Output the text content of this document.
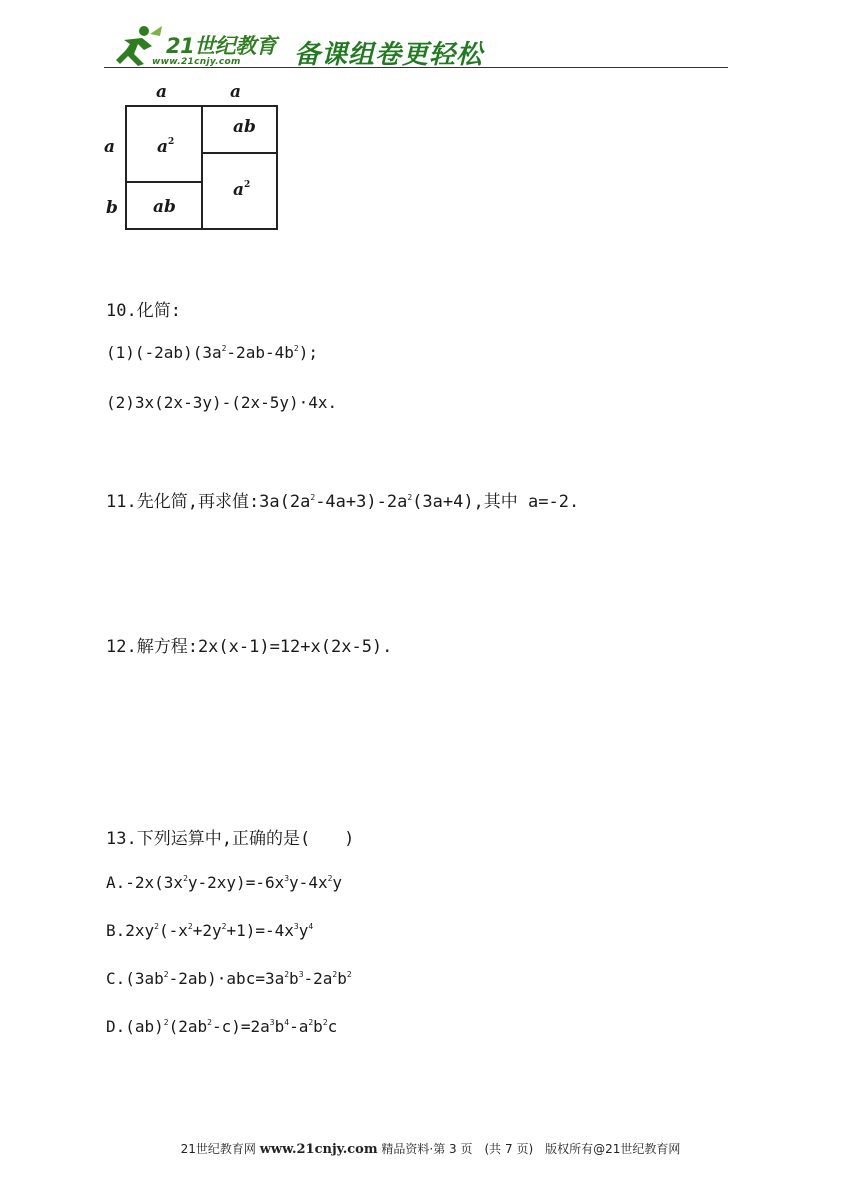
21世纪教育
www.21cnjy.com 备课组卷更轻松
a	a
a
b
$a^2$
ab
ab
$a^2$
10.化简:
$(1)(-2ab)(3a^2-2ab-4b^2)$;
(2)3x(2x-3y)-(2x-5y)·4x.
11.先化简,再求值$:3a(2a^2-4a+3)-2a^2(3a+4)$,其中 a=-2.
12.解方程:2x(x-1)=12+x(2x-5).
13.下列运算中,正确的是(　　)
$A.-2x(3x^2y-2xy)=-6x^3y-4x^2y$
$B.2xy^2(-x^2+2y^2+1)=-4x^3y^4$
$C.(3ab^2-2ab)\cdot abc=3a^2b^3-2a^2b^2$
$D.(ab)^2(2ab^2-c)=2a^3b^4-a^2b^2c$
21世纪教育网 www.21cnjy.com 精品资料·第 3 页　(共 7 页)　版权所有@21世纪教育网
